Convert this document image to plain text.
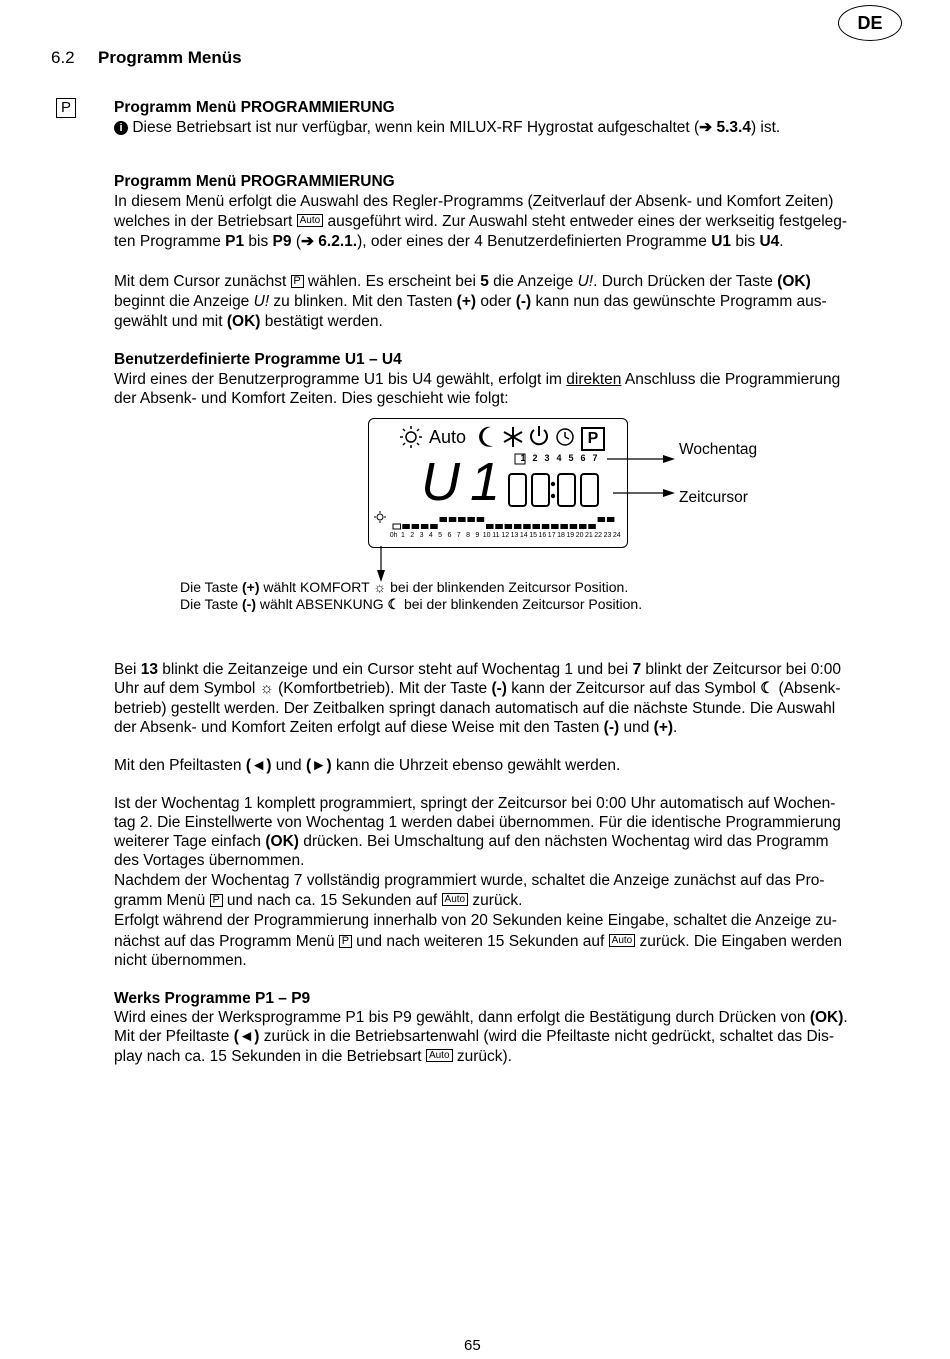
DE
6.2 Programm Menüs
P	Programm Menü PROGRAMMIERUNG
i Diese Betriebsart ist nur verfügbar, wenn kein MILUX-RF Hygrostat aufgeschaltet (➔ 5.3.4) ist.
Programm Menü PROGRAMMIERUNG
In diesem Menü erfolgt die Auswahl des Regler-Programms (Zeitverlauf der Absenk- und Komfort Zeiten)
welches in der Betriebsart Auto ausgeführt wird. Zur Auswahl steht entweder eines der werkseitig festgeleg-
ten Programme P1 bis P9 (➔ 6.2.1.), oder eines der 4 Benutzerdefinierten Programme U1 bis U4.
Mit dem Cursor zunächst P wählen. Es erscheint bei 5 die Anzeige U!. Durch Drücken der Taste (OK)
beginnt die Anzeige U! zu blinken. Mit den Tasten (+) oder (-) kann nun das gewünschte Programm aus-
gewählt und mit (OK) bestätigt werden.
Benutzerdefinierte Programme U1 – U4
Wird eines der Benutzerprogramme U1 bis U4 gewählt, erfolgt im direkten Anschluss die Programmierung
der Absenk- und Komfort Zeiten. Dies geschieht wie folgt:
Auto	P
1 2 3 4 5 6 7
U1
0h 1 2 3 4 5 6 7 8 9 10 11 12 13 14 15 16 17 18 19 20 21 22 23 24
Wochentag
Zeitcursor
Die Taste (+) wählt KOMFORT ☼ bei der blinkenden Zeitcursor Position.
Die Taste (-) wählt ABSENKUNG ☾ bei der blinkenden Zeitcursor Position.
Bei 13 blinkt die Zeitanzeige und ein Cursor steht auf Wochentag 1 und bei 7 blinkt der Zeitcursor bei 0:00
Uhr auf dem Symbol ☼ (Komfortbetrieb). Mit der Taste (-) kann der Zeitcursor auf das Symbol ☾ (Absenk-
betrieb) gestellt werden. Der Zeitbalken springt danach automatisch auf die nächste Stunde. Die Auswahl
der Absenk- und Komfort Zeiten erfolgt auf diese Weise mit den Tasten (-) und (+).
Mit den Pfeiltasten (◄) und (►) kann die Uhrzeit ebenso gewählt werden.
Ist der Wochentag 1 komplett programmiert, springt der Zeitcursor bei 0:00 Uhr automatisch auf Wochen-
tag 2. Die Einstellwerte von Wochentag 1 werden dabei übernommen. Für die identische Programmierung
weiterer Tage einfach (OK) drücken. Bei Umschaltung auf den nächsten Wochentag wird das Programm
des Vortages übernommen.
Nachdem der Wochentag 7 vollständig programmiert wurde, schaltet die Anzeige zunächst auf das Pro-
gramm Menü P und nach ca. 15 Sekunden auf Auto zurück.
Erfolgt während der Programmierung innerhalb von 20 Sekunden keine Eingabe, schaltet die Anzeige zu-
nächst auf das Programm Menü P und nach weiteren 15 Sekunden auf Auto zurück. Die Eingaben werden
nicht übernommen.
Werks Programme P1 – P9
Wird eines der Werksprogramme P1 bis P9 gewählt, dann erfolgt die Bestätigung durch Drücken von (OK).
Mit der Pfeiltaste (◄) zurück in die Betriebsartenwahl (wird die Pfeiltaste nicht gedrückt, schaltet das Dis-
play nach ca. 15 Sekunden in die Betriebsart Auto zurück).
65
